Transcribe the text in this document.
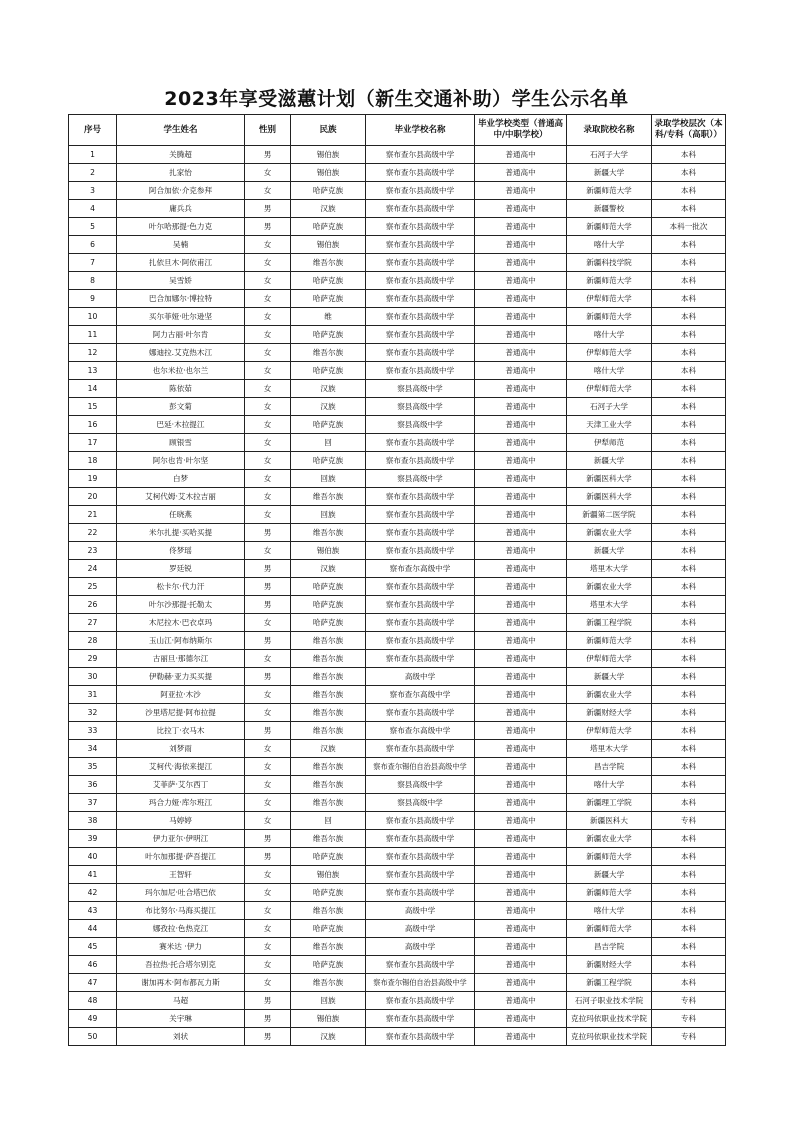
2023年享受滋蕙计划（新生交通补助）学生公示名单
序号	学生姓名	性别	民族	毕业学校名称	毕业学校类型（普通高中/中职学校）	录取院校名称	录取学校层次（本科/专科（高职））
1	关腾超	男	锡伯族	察布查尔县高级中学	普通高中	石河子大学	本科
2	扎家怡	女	锡伯族	察布查尔县高级中学	普通高中	新疆大学	本科
3	阿合加依·介克参拜	女	哈萨克族	察布查尔县高级中学	普通高中	新疆师范大学	本科
4	庸兵兵	男	汉族	察布查尔县高级中学	普通高中	新疆警校	本科
5	叶尔哈那提·色力克	男	哈萨克族	察布查尔县高级中学	普通高中	新疆师范大学	本科一批次
6	吴楠	女	锡伯族	察布查尔县高级中学	普通高中	喀什大学	本科
7	扎依旦木·阿依甫江	女	维吾尔族	察布查尔县高级中学	普通高中	新疆科技学院	本科
8	吴雪娇	女	哈萨克族	察布查尔县高级中学	普通高中	新疆师范大学	本科
9	巴合加娜尔·博拉特	女	哈萨克族	察布查尔县高级中学	普通高中	伊犁师范大学	本科
10	买尔菲娅·吐尔逊坚	女	维	察布查尔县高级中学	普通高中	新疆师范大学	本科
11	阿力古丽·叶尔肯	女	哈萨克族	察布查尔县高级中学	普通高中	喀什大学	本科
12	娜迪拉.艾克热木江	女	维吾尔族	察布查尔县高级中学	普通高中	伊犁师范大学	本科
13	也尔米拉·也尔兰	女	哈萨克族	察布查尔县高级中学	普通高中	喀什大学	本科
14	陈依茹	女	汉族	察县高级中学	普通高中	伊犁师范大学	本科
15	彭文菊	女	汉族	察县高级中学	普通高中	石河子大学	本科
16	巴延·木拉提江	女	哈萨克族	察县高级中学	普通高中	天津工业大学	本科
17	顾银雪	女	回	察布查尔县高级中学	普通高中	伊犁师范	本科
18	阿尔也肯·叶尔坚	女	哈萨克族	察布查尔县高级中学	普通高中	新疆大学	本科
19	白梦	女	回族	察县高级中学	普通高中	新疆医科大学	本科
20	艾柯代姆·艾木拉吉丽	女	维吾尔族	察布查尔县高级中学	普通高中	新疆医科大学	本科
21	任晓燕	女	回族	察布查尔县高级中学	普通高中	新疆第二医学院	本科
22	米尔扎提·买哈买提	男	维吾尔族	察布查尔县高级中学	普通高中	新疆农业大学	本科
23	佟梦瑶	女	锡伯族	察布查尔县高级中学	普通高中	新疆大学	本科
24	罗廷锐	男	汉族	察布查尔高级中学	普通高中	塔里木大学	本科
25	松卡尔·代力汗	男	哈萨克族	察布查尔县高级中学	普通高中	新疆农业大学	本科
26	叶尔沙那提·托勒太	男	哈萨克族	察布查尔县高级中学	普通高中	塔里木大学	本科
27	木尼拉木·巴衣卓玛	女	哈萨克族	察布查尔县高级中学	普通高中	新疆工程学院	本科
28	玉山江·阿布纳斯尔	男	维吾尔族	察布查尔县高级中学	普通高中	新疆师范大学	本科
29	古丽旦·那德尔江	女	维吾尔族	察布查尔县高级中学	普通高中	伊犁师范大学	本科
30	伊勒赫·亚力买买提	男	维吾尔族	高级中学	普通高中	新疆大学	本科
31	阿亚拉·木沙	女	维吾尔族	察布查尔高级中学	普通高中	新疆农业大学	本科
32	沙里塔尼提·阿布拉提	女	维吾尔族	察布查尔县高级中学	普通高中	新疆财经大学	本科
33	比拉丁·衣马木	男	维吾尔族	察布查尔高级中学	普通高中	伊犁师范大学	本科
34	刘梦雨	女	汉族	察布查尔县高级中学	普通高中	塔里木大学	本科
35	艾柯代·海依来提江	女	维吾尔族	察布查尔锡伯自治县高级中学	普通高中	昌吉学院	本科
36	艾菲萨·艾尔西丁	女	维吾尔族	察县高级中学	普通高中	喀什大学	本科
37	玛合力娅·库尔班江	女	维吾尔族	察县高级中学	普通高中	新疆理工学院	本科
38	马婷婷	女	回	察布查尔县高级中学	普通高中	新疆医科大	专科
39	伊力亚尔·伊明江	男	维吾尔族	察布查尔县高级中学	普通高中	新疆农业大学	本科
40	叶尔加那提·萨吾提江	男	哈萨克族	察布查尔县高级中学	普通高中	新疆师范大学	本科
41	王智轩	女	锡伯族	察布查尔县高级中学	普通高中	新疆大学	本科
42	玛尔加尼·吐合塔巴依	女	哈萨克族	察布查尔县高级中学	普通高中	新疆师范大学	本科
43	布比努尔·马海买提江	女	维吾尔族	高级中学	普通高中	喀什大学	本科
44	娜孜拉·色热克江	女	哈萨克族	高级中学	普通高中	新疆师范大学	本科
45	赛米达 ·伊力	女	维吾尔族	高级中学	普通高中	昌吉学院	本科
46	吾拉热·托合塔尔别克	女	哈萨克族	察布查尔县高级中学	普通高中	新疆财经大学	本科
47	谢加再木·阿布都瓦力斯	女	维吾尔族	察布查尔锡伯自治县高级中学	普通高中	新疆工程学院	本科
48	马超	男	回族	察布查尔县高级中学	普通高中	石河子职业技术学院	专科
49	关宇琳	男	锡伯族	察布查尔县高级中学	普通高中	克拉玛依职业技术学院	专科
50	刘状	男	汉族	察布查尔县高级中学	普通高中	克拉玛依职业技术学院	专科
